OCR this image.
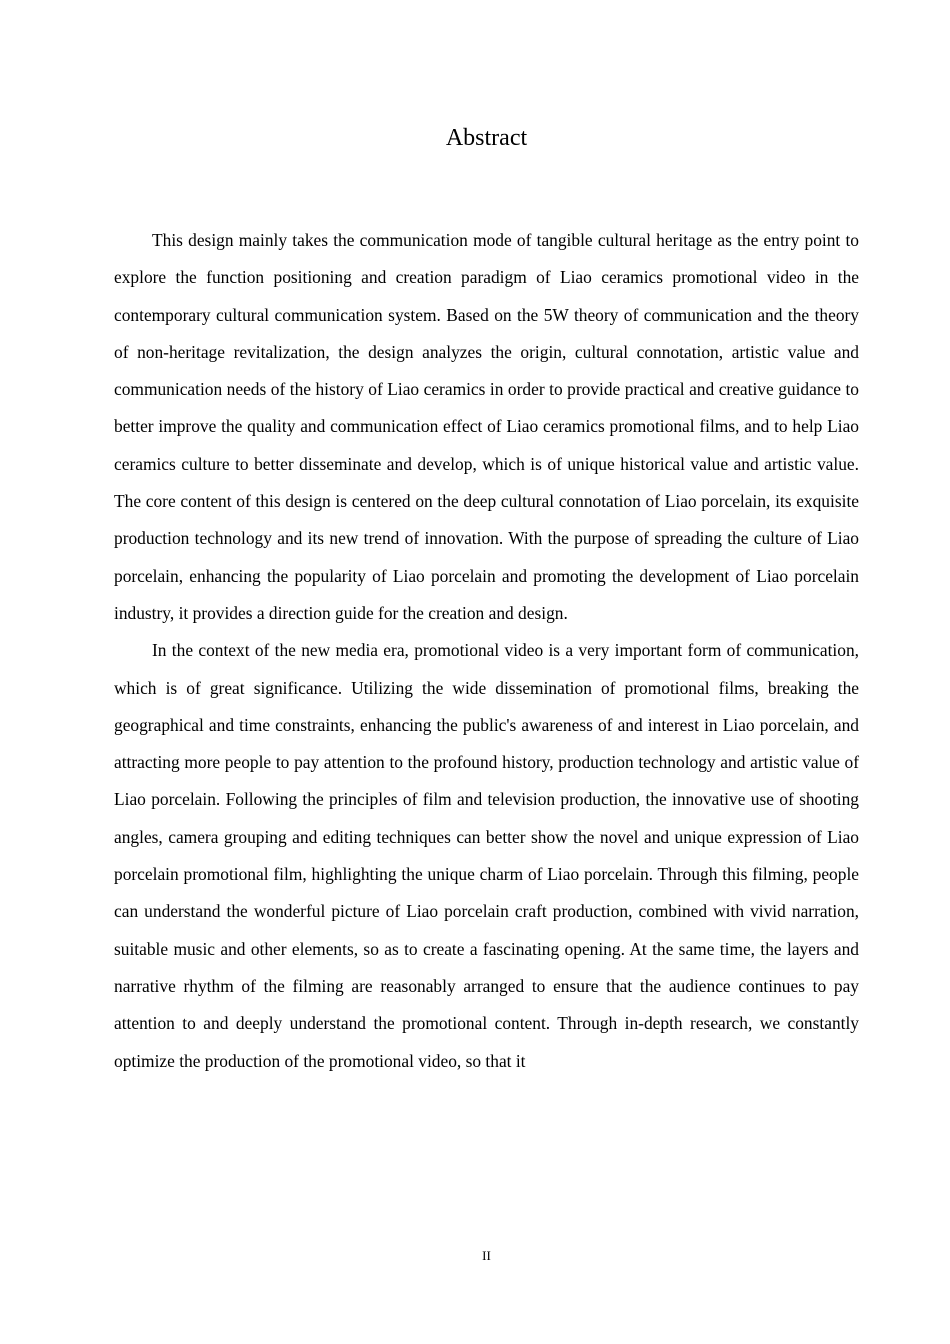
Abstract

This design mainly takes the communication mode of tangible cultural heritage as the entry point to explore the function positioning and creation paradigm of Liao ceramics promotional video in the contemporary cultural communication system. Based on the 5W theory of communication and the theory of non-heritage revitalization, the design analyzes the origin, cultural connotation, artistic value and communication needs of the history of Liao ceramics in order to provide practical and creative guidance to better improve the quality and communication effect of Liao ceramics promotional films, and to help Liao ceramics culture to better disseminate and develop, which is of unique historical value and artistic value. The core content of this design is centered on the deep cultural connotation of Liao porcelain, its exquisite production technology and its new trend of innovation. With the purpose of spreading the culture of Liao porcelain, enhancing the popularity of Liao porcelain and promoting the development of Liao porcelain industry, it provides a direction guide for the creation and design.

In the context of the new media era, promotional video is a very important form of communication, which is of great significance. Utilizing the wide dissemination of promotional films, breaking the geographical and time constraints, enhancing the public's awareness of and interest in Liao porcelain, and attracting more people to pay attention to the profound history, production technology and artistic value of Liao porcelain. Following the principles of film and television production, the innovative use of shooting angles, camera grouping and editing techniques can better show the novel and unique expression of Liao porcelain promotional film, highlighting the unique charm of Liao porcelain. Through this filming, people can understand the wonderful picture of Liao porcelain craft production, combined with vivid narration, suitable music and other elements, so as to create a fascinating opening. At the same time, the layers and narrative rhythm of the filming are reasonably arranged to ensure that the audience continues to pay attention to and deeply understand the promotional content. Through in-depth research, we constantly optimize the production of the promotional video, so that it

II
